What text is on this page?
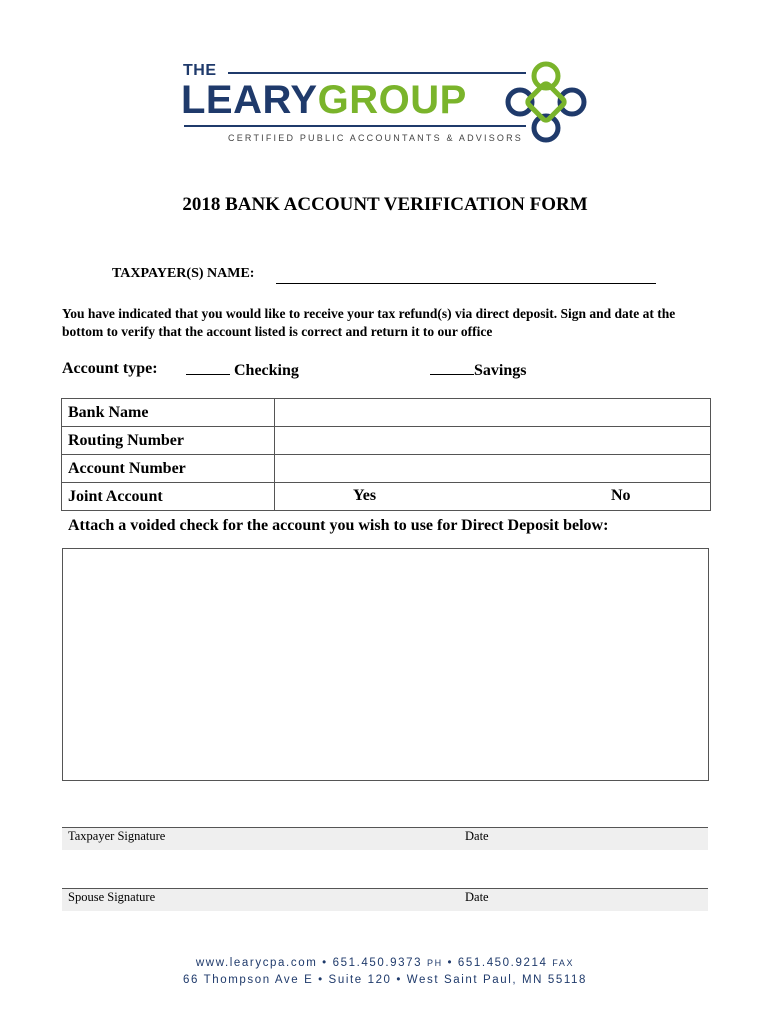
THE
LEARYGROUP
CERTIFIED PUBLIC ACCOUNTANTS & ADVISORS
2018 BANK ACCOUNT VERIFICATION FORM
TAXPAYER(S) NAME:
You have indicated that you would like to receive your tax refund(s) via direct deposit. Sign and date at the bottom to verify that the account listed is correct and return it to our office
Account type:	Checking	Savings
Bank Name	
Routing Number	
Account Number	
Joint Account	Yes No
Attach a voided check for the account you wish to use for Direct Deposit below:
Taxpayer Signature	Date
Spouse Signature	Date
www.learycpa.com • 651.450.9373 PH • 651.450.9214 FAX
66 Thompson Ave E • Suite 120 • West Saint Paul, MN 55118
